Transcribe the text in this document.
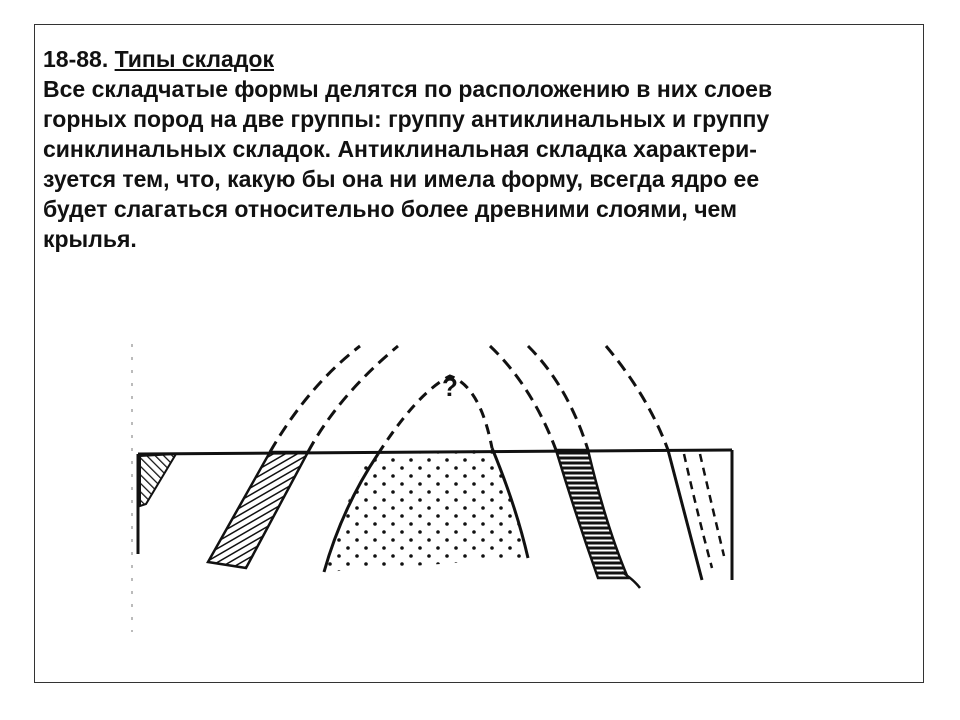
18-88. Типы складок
Все складчатые формы делятся по расположению в них слоев
горных пород на две группы: группу антиклинальных и группу
синклинальных складок. Антиклинальная складка характери-
зуется тем, что, какую бы она ни имела форму, всегда ядро ее
будет слагаться относительно более древними слоями, чем
крылья.
?
